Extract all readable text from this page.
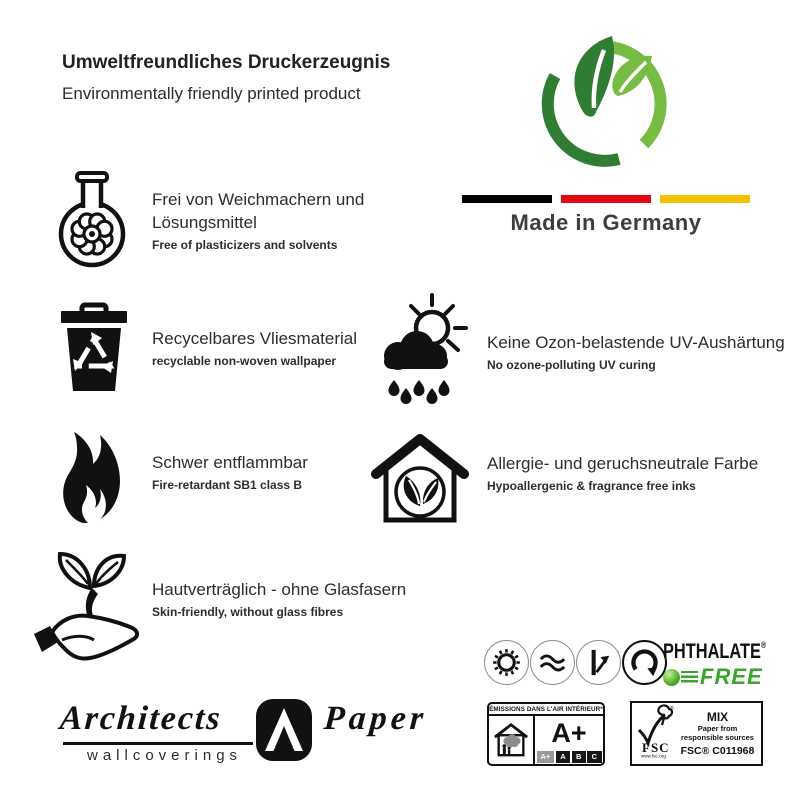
Umweltfreundliches Druckerzeugnis
Environmentally friendly printed product
Made in Germany
Frei von Weichmachern und Lösungsmittel
Free of plasticizers and solvents
Recycelbares Vliesmaterial
recyclable non-woven wallpaper
Keine Ozon-belastende UV-Aushärtung
No ozone-polluting UV curing
Schwer entflammbar
Fire-retardant SB1 class B
Allergie- und geruchsneutrale Farbe
Hypoallergenic & fragrance free inks
Hautverträglich - ohne Glasfasern
Skin-friendly, without glass fibres
PHTHALATE®
FREE
ÉMISSIONS DANS L'AIR INTÉRIEUR*
A+
A+	A	B	C
®
FSC
www.fsc.org
MIX
Paper from
responsible sources
FSC® C011968
Architects	Paper
wallcoverings
